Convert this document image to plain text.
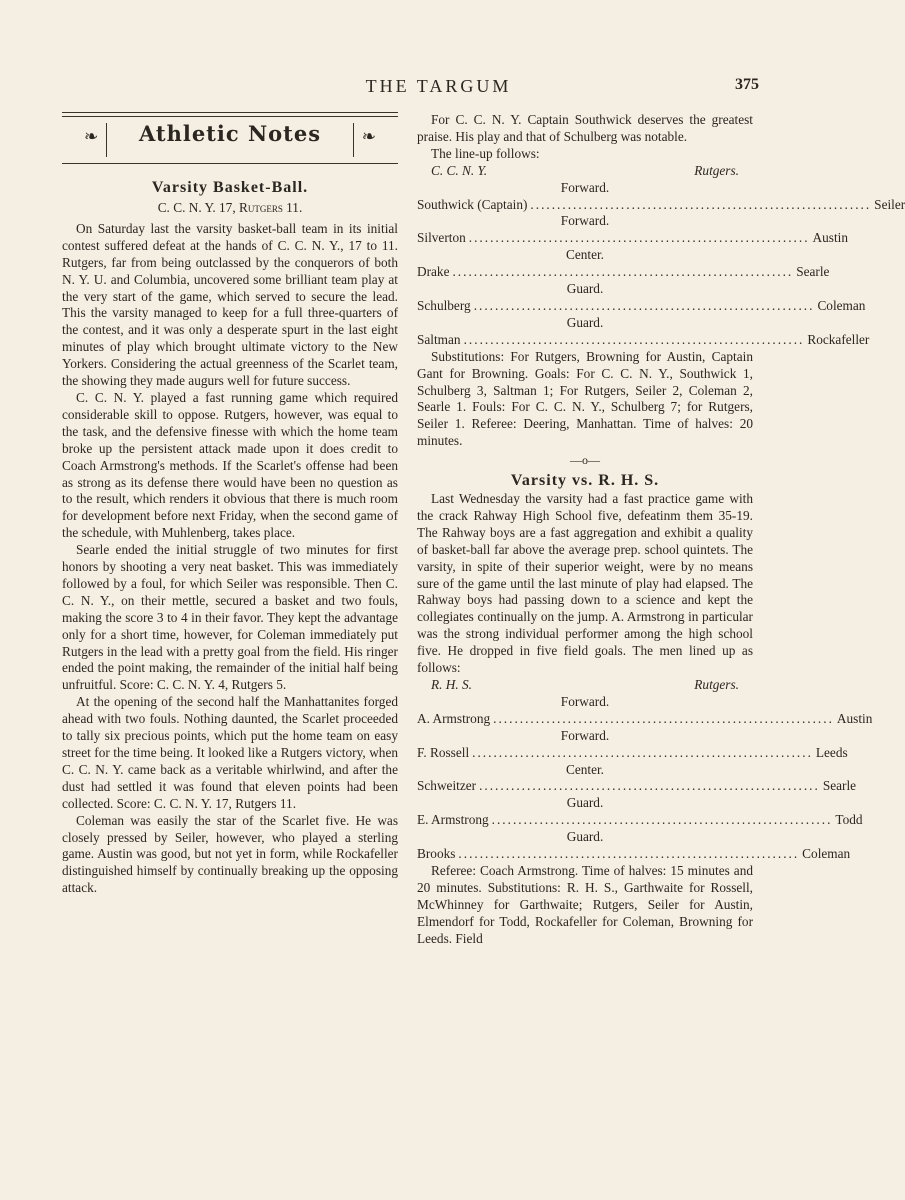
THE TARGUM	375
❧	Athletic Notes	❧

Varsity Basket-Ball.

C. C. N. Y. 17, Rutgers 11.

On Saturday last the varsity basket-ball team in its initial contest suffered defeat at the hands of C. C. N. Y., 17 to 11. Rutgers, far from being outclassed by the conquerors of both N. Y. U. and Columbia, uncovered some brilliant team play at the very start of the game, which served to secure the lead. This the varsity managed to keep for a full three-quarters of the contest, and it was only a desperate spurt in the last eight minutes of play which brought ultimate victory to the New Yorkers. Considering the actual greenness of the Scarlet team, the showing they made augurs well for future success.

C. C. N. Y. played a fast running game which required considerable skill to oppose. Rutgers, however, was equal to the task, and the defensive finesse with which the home team broke up the persistent attack made upon it does credit to Coach Armstrong's methods. If the Scarlet's offense had been as strong as its defense there would have been no question as to the result, which renders it obvious that there is much room for development before next Friday, when the second game of the schedule, with Muhlenberg, takes place.

Searle ended the initial struggle of two minutes for first honors by shooting a very neat basket. This was immediately followed by a foul, for which Seiler was responsible. Then C. C. N. Y., on their mettle, secured a basket and two fouls, making the score 3 to 4 in their favor. They kept the advantage only for a short time, however, for Coleman immediately put Rutgers in the lead with a pretty goal from the field. His ringer ended the point making, the remainder of the initial half being unfruitful. Score: C. C. N. Y. 4, Rutgers 5.

At the opening of the second half the Manhattanites forged ahead with two fouls. Nothing daunted, the Scarlet proceeded to tally six precious points, which put the home team on easy street for the time being. It looked like a Rutgers victory, when C. C. N. Y. came back as a veritable whirlwind, and after the dust had settled it was found that eleven points had been collected. Score: C. C. N. Y. 17, Rutgers 11.

Coleman was easily the star of the Scarlet five. He was closely pressed by Seiler, however, who played a sterling game. Austin was good, but not yet in form, while Rockafeller distinguished himself by continually breaking up the opposing attack.

For C. C. N. Y. Captain Southwick deserves the greatest praise. His play and that of Schulberg was notable.

The line-up follows:

C. C. N. Y.	Rutgers.
Forward.
Southwick (Captain) ................................................................ Seiler
Forward.
Silverton ................................................................ Austin
Center.
Drake ................................................................ Searle
Guard.
Schulberg ................................................................ Coleman
Guard.
Saltman ................................................................ Rockafeller

Substitutions: For Rutgers, Browning for Austin, Captain Gant for Browning. Goals: For C. C. N. Y., Southwick 1, Schulberg 3, Saltman 1; For Rutgers, Seiler 2, Coleman 2, Searle 1. Fouls: For C. C. N. Y., Schulberg 7; for Rutgers, Seiler 1. Referee: Deering, Manhattan. Time of halves: 20 minutes.

—o—

Varsity vs. R. H. S.

Last Wednesday the varsity had a fast practice game with the crack Rahway High School five, defeatinm them 35-19. The Rahway boys are a fast aggregation and exhibit a quality of basket-ball far above the average prep. school quintets. The varsity, in spite of their superior weight, were by no means sure of the game until the last minute of play had elapsed. The Rahway boys had passing down to a science and kept the collegiates continually on the jump. A. Armstrong in particular was the strong individual performer among the high school five. He dropped in five field goals. The men lined up as follows:

R. H. S.	Rutgers.
Forward.
A. Armstrong ................................................................ Austin
Forward.
F. Rossell ................................................................ Leeds
Center.
Schweitzer ................................................................ Searle
Guard.
E. Armstrong ................................................................ Todd
Guard.
Brooks ................................................................ Coleman

Referee: Coach Armstrong. Time of halves: 15 minutes and 20 minutes. Substitutions: R. H. S., Garthwaite for Rossell, McWhinney for Garthwaite; Rutgers, Seiler for Austin, Elmendorf for Todd, Rockafeller for Coleman, Browning for Leeds. Field
